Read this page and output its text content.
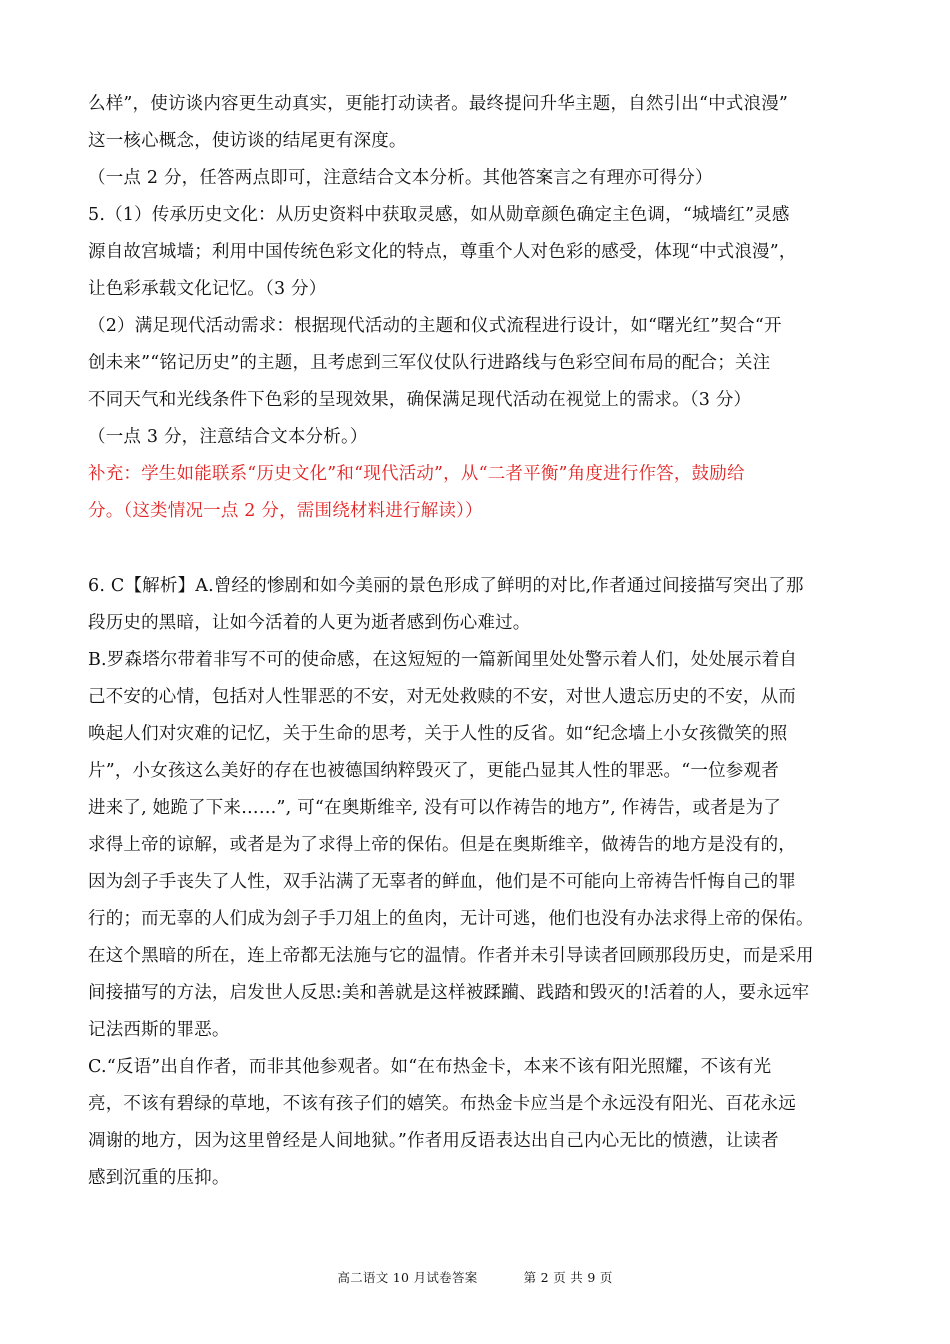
么样”，使访谈内容更生动真实，更能打动读者。最终提问升华主题，自然引出“中式浪漫”
这一核心概念，使访谈的结尾更有深度。
（一点 2 分，任答两点即可，注意结合文本分析。其他答案言之有理亦可得分）
5.（1）传承历史文化：从历史资料中获取灵感，如从勋章颜色确定主色调，“城墙红”灵感
源自故宫城墙；利用中国传统色彩文化的特点，尊重个人对色彩的感受，体现“中式浪漫”，
让色彩承载文化记忆。（3 分）
（2）满足现代活动需求：根据现代活动的主题和仪式流程进行设计，如“曙光红”契合“开
创未来”“铭记历史”的主题，且考虑到三军仪仗队行进路线与色彩空间布局的配合；关注
不同天气和光线条件下色彩的呈现效果，确保满足现代活动在视觉上的需求。（3 分）
（一点 3 分，注意结合文本分析。）
补充：学生如能联系“历史文化”和“现代活动”，从“二者平衡”角度进行作答，鼓励给
分。（这类情况一点 2 分，需围绕材料进行解读））
6. C【解析】A.曾经的惨剧和如今美丽的景色形成了鲜明的对比,作者通过间接描写突出了那
段历史的黑暗，让如今活着的人更为逝者感到伤心难过。
B.罗森塔尔带着非写不可的使命感，在这短短的一篇新闻里处处警示着人们，处处展示着自
己不安的心情，包括对人性罪恶的不安，对无处救赎的不安，对世人遗忘历史的不安，从而
唤起人们对灾难的记忆，关于生命的思考，关于人性的反省。如“纪念墙上小女孩微笑的照
片”，小女孩这么美好的存在也被德国纳粹毁灭了，更能凸显其人性的罪恶。“一位参观者
进来了, 她跪了下来……”, 可“在奥斯维辛, 没有可以作祷告的地方”, 作祷告，或者是为了
求得上帝的谅解，或者是为了求得上帝的保佑。但是在奥斯维辛，做祷告的地方是没有的，
因为刽子手丧失了人性，双手沾满了无辜者的鲜血，他们是不可能向上帝祷告忏悔自己的罪
行的；而无辜的人们成为刽子手刀俎上的鱼肉，无计可逃，他们也没有办法求得上帝的保佑。
在这个黑暗的所在，连上帝都无法施与它的温情。作者并未引导读者回顾那段历史，而是采用
间接描写的方法，启发世人反思:美和善就是这样被蹂躏、践踏和毁灭的!活着的人，要永远牢
记法西斯的罪恶。
C.“反语”出自作者，而非其他参观者。如“在布热金卡，本来不该有阳光照耀，不该有光
亮，不该有碧绿的草地，不该有孩子们的嬉笑。布热金卡应当是个永远没有阳光、百花永远
凋谢的地方，因为这里曾经是人间地狱。”作者用反语表达出自己内心无比的愤懑，让读者
感到沉重的压抑。
高二语文 10 月试卷答案	第 2 页 共 9 页
